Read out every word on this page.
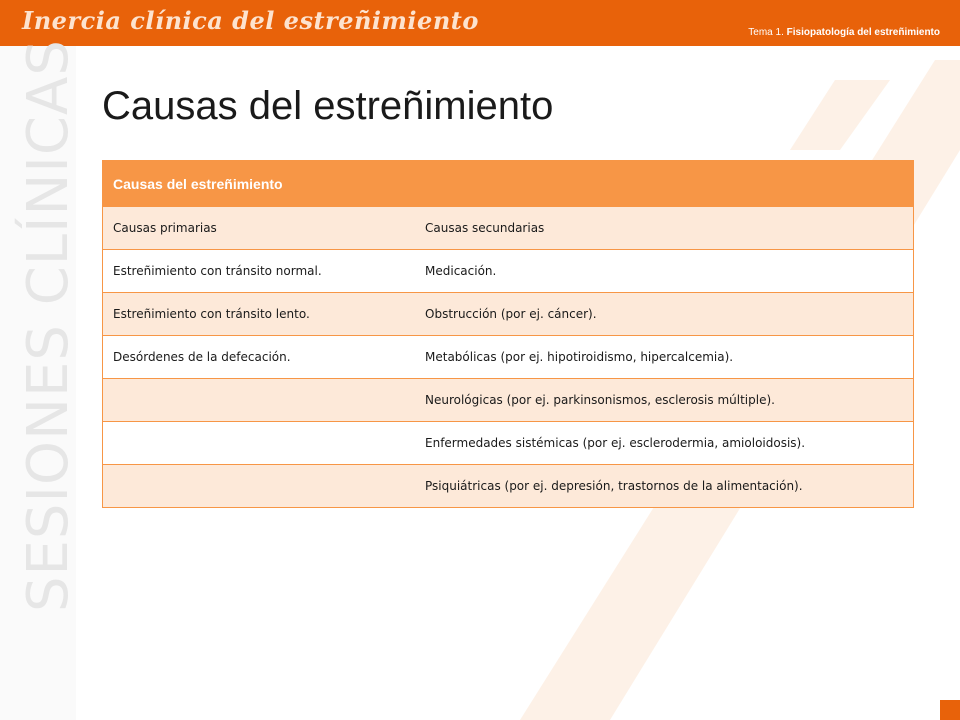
Inercia clínica del estreñimiento	Tema 1. Fisiopatología del estreñimiento
SESIONES CLÍNICAS Causas del estreñimiento
Causas del estreñimiento	
Causas primarias	Causas secundarias
Estreñimiento con tránsito normal.	Medicación.
Estreñimiento con tránsito lento.	Obstrucción (por ej. cáncer).
Desórdenes de la defecación.	Metabólicas (por ej. hipotiroidismo, hipercalcemia).
	Neurológicas (por ej. parkinsonismos, esclerosis múltiple).
	Enfermedades sistémicas (por ej. esclerodermia, amioloidosis).
	Psiquiátricas (por ej. depresión, trastornos de la alimentación).
